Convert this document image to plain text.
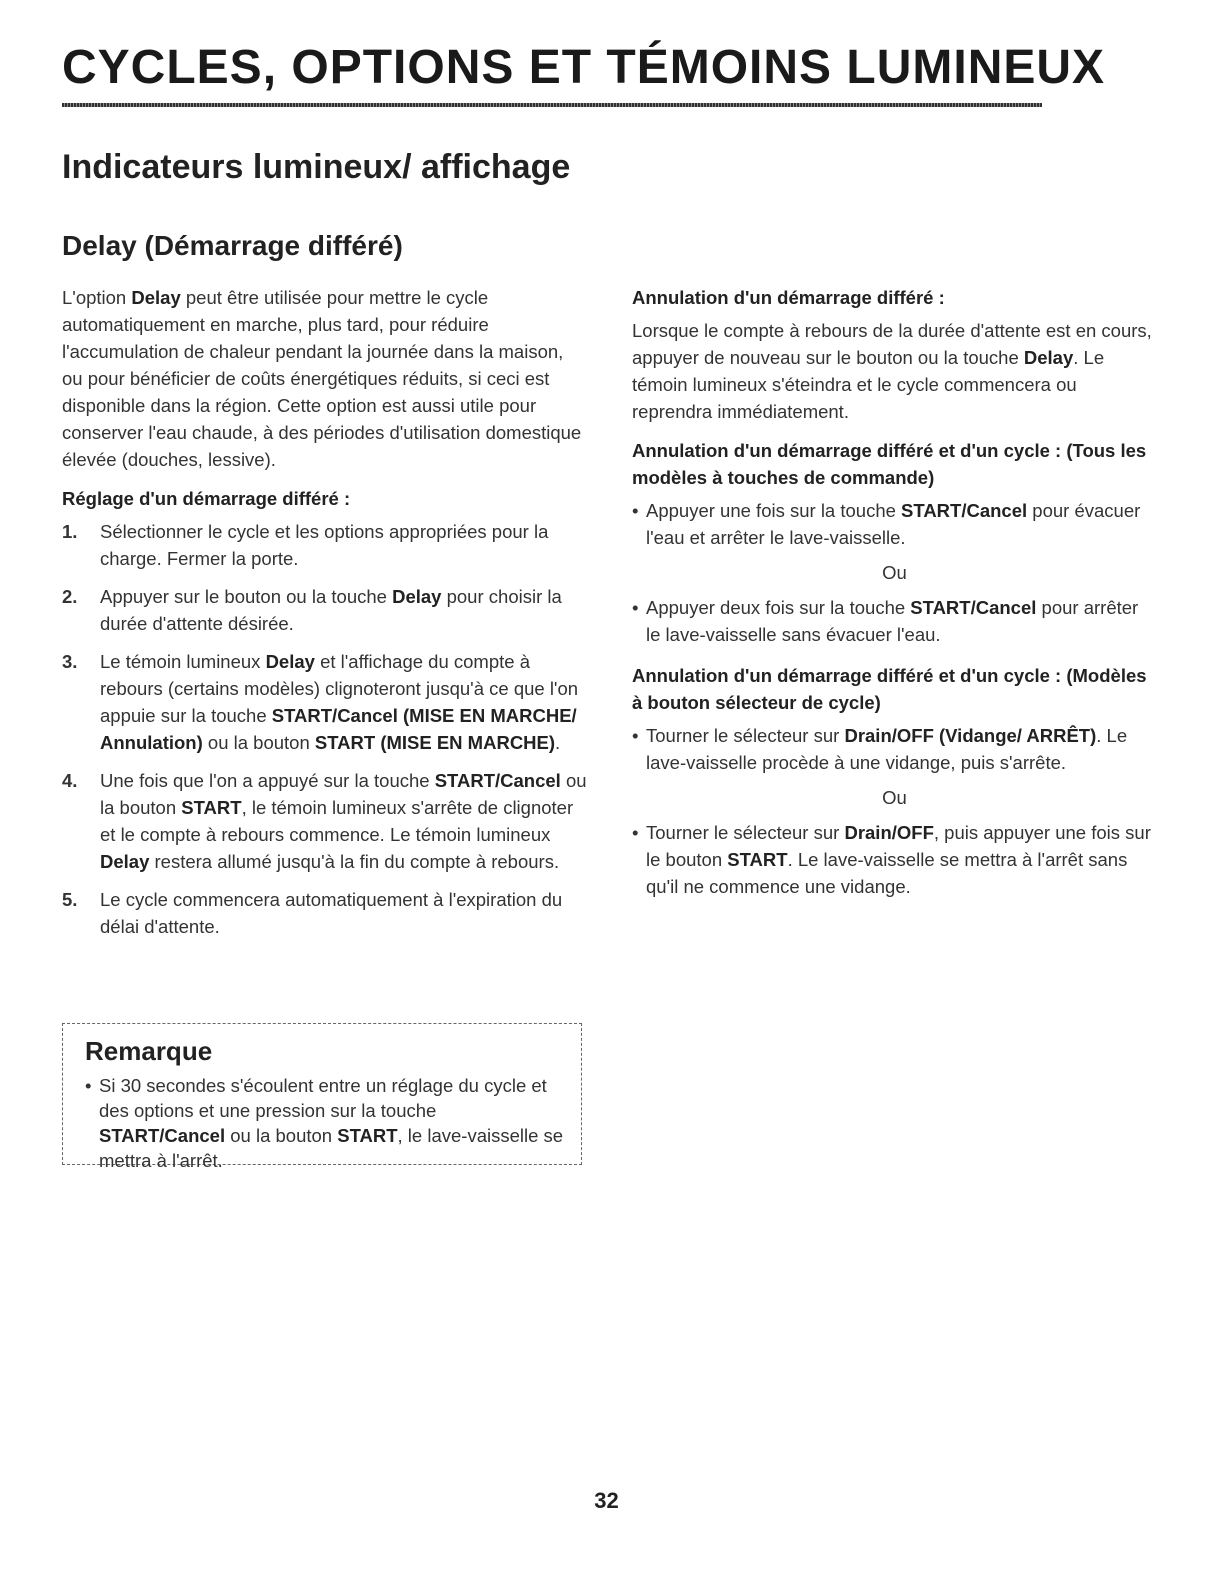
CYCLES, OPTIONS ET TÉMOINS LUMINEUX
Indicateurs lumineux/ affichage
Delay (Démarrage différé)

L'option Delay peut être utilisée pour mettre le cycle automatiquement en marche, plus tard, pour réduire l'accumulation de chaleur pendant la journée dans la maison, ou pour bénéficier de coûts énergétiques réduits, si ceci est disponible dans la région. Cette option est aussi utile pour conserver l'eau chaude, à des périodes d'utilisation domestique élevée (douches, lessive).

Réglage d'un démarrage différé :
1. Sélectionner le cycle et les options appropriées pour la charge. Fermer la porte.
2. Appuyer sur le bouton ou la touche Delay pour choisir la durée d'attente désirée.
3. Le témoin lumineux Delay et l'affichage du compte à rebours (certains modèles) clignoteront jusqu'à ce que l'on appuie sur la touche START/Cancel (MISE EN MARCHE/ Annulation) ou la bouton START (MISE EN MARCHE).
4. Une fois que l'on a appuyé sur la touche START/Cancel ou la bouton START, le témoin lumineux s'arrête de clignoter et le compte à rebours commence. Le témoin lumineux Delay restera allumé jusqu'à la fin du compte à rebours.
5. Le cycle commencera automatiquement à l'expiration du délai d'attente.
Remarque
• Si 30 secondes s'écoulent entre un réglage du cycle et des options et une pression sur la touche START/Cancel ou la bouton START, le lave-vaisselle se mettra à l'arrêt.
Annulation d'un démarrage différé :

Lorsque le compte à rebours de la durée d'attente est en cours, appuyer de nouveau sur le bouton ou la touche Delay. Le témoin lumineux s'éteindra et le cycle commencera ou reprendra immédiatement.

Annulation d'un démarrage différé et d'un cycle : (Tous les modèles à touches de commande)
• Appuyer une fois sur la touche START/Cancel pour évacuer l'eau et arrêter le lave-vaisselle.
Ou
• Appuyer deux fois sur la touche START/Cancel pour arrêter le lave-vaisselle sans évacuer l'eau.
Annulation d'un démarrage différé et d'un cycle : (Modèles à bouton sélecteur de cycle)
• Tourner le sélecteur sur Drain/OFF (Vidange/ ARRÊT). Le lave-vaisselle procède à une vidange, puis s'arrête.
Ou
• Tourner le sélecteur sur Drain/OFF, puis appuyer une fois sur le bouton START. Le lave-vaisselle se mettra à l'arrêt sans qu'il ne commence une vidange.
32
